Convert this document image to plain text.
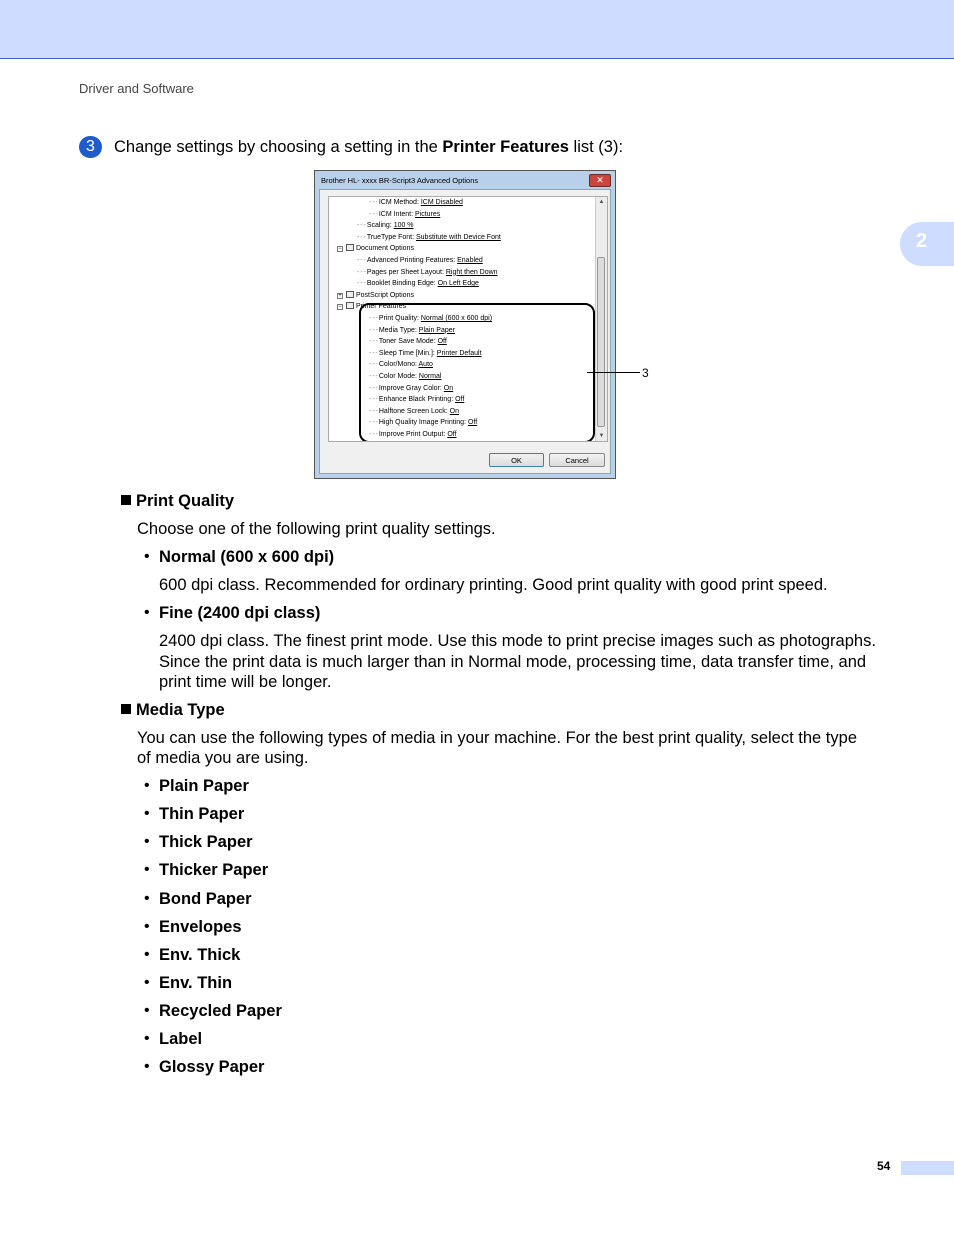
Driver and Software
2
3	Change settings by choosing a setting in the Printer Features list (3):
Brother HL- xxxx BR-Script3 Advanced Options	✕
- - - ICM Method: ICM Disabled
- - - ICM Intent: Pictures
- - - Scaling: 100 %
- - - TrueType Font: Substitute with Device Font
− Document Options
- - - Advanced Printing Features: Enabled
- - - Pages per Sheet Layout: Right then Down
- - - Booklet Binding Edge: On Left Edge
+ PostScript Options
− Printer Features
- - - Print Quality: Normal (600 x 600 dpi)
- - - Media Type: Plain Paper
- - - Toner Save Mode: Off
- - - Sleep Time [Min.]: Printer Default
- - - Color/Mono: Auto
- - - Color Mode: Normal
- - - Improve Gray Color: On
- - - Enhance Black Printing: Off
- - - Halftone Screen Lock: On
- - - High Quality Image Printing: Off
- - - Improve Print Output: Off
▲
▼
OK	Cancel
3
Print Quality
Choose one of the following print quality settings.
• Normal (600 x 600 dpi)
600 dpi class. Recommended for ordinary printing. Good print quality with good print speed.
• Fine (2400 dpi class)
2400 dpi class. The finest print mode. Use this mode to print precise images such as photographs.
Since the print data is much larger than in Normal mode, processing time, data transfer time, and
print time will be longer.
Media Type
You can use the following types of media in your machine. For the best print quality, select the type
of media you are using.
• Plain Paper
• Thin Paper
• Thick Paper
• Thicker Paper
• Bond Paper
• Envelopes
• Env. Thick
• Env. Thin
• Recycled Paper
• Label
• Glossy Paper
54
